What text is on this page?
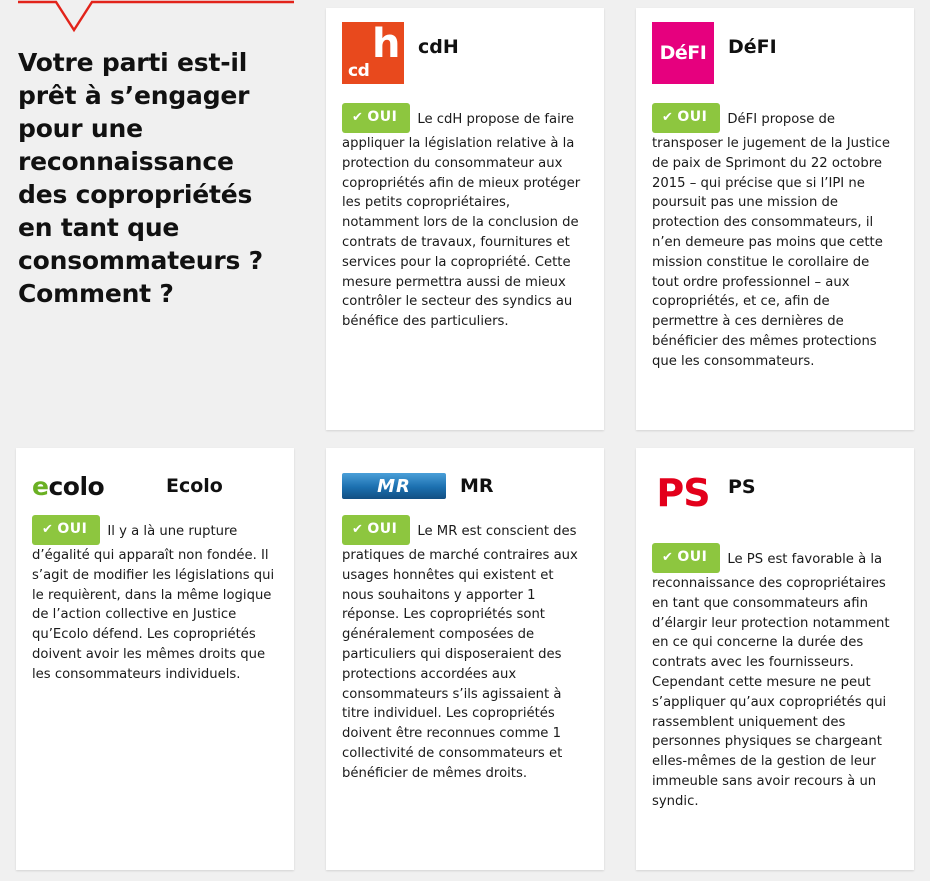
Votre parti est-il prêt à s’engager pour une reconnaissance des copropriétés en tant que consommateurs ? Comment ?
h
cd
cdH
✔ OUI Le cdH propose de faire appliquer la législation relative à la protection du consommateur aux copropriétés afin de mieux protéger les petits copropriétaires, notamment lors de la conclusion de contrats de travaux, fournitures et services pour la copropriété. Cette mesure permettra aussi de mieux contrôler le secteur des syndics au bénéfice des particuliers.
DéFI DéFI
✔ OUI DéFI propose de transposer le jugement de la Justice de paix de Sprimont du 22 octobre 2015 – qui précise que si l’IPI ne poursuit pas une mission de protection des consommateurs, il n’en demeure pas moins que cette mission constitue le corollaire de tout ordre professionnel – aux copropriétés, et ce, afin de permettre à ces dernières de bénéficier des mêmes protections que les consommateurs.
ecolo	Ecolo
✔ OUI Il y a là une rupture d’égalité qui apparaît non fondée. Il s’agit de modifier les législations qui le requièrent, dans la même logique de l’action collective en Justice qu’Ecolo défend. Les copropriétés doivent avoir les mêmes droits que les consommateurs individuels.
MR	MR
✔ OUI Le MR est conscient des pratiques de marché contraires aux usages honnêtes qui existent et nous souhaitons y apporter 1 réponse. Les copropriétés sont généralement composées de particuliers qui disposeraient des protections accordées aux consommateurs s’ils agissaient à titre individuel. Les copropriétés doivent être reconnues comme 1 collectivité de consommateurs et bénéficier de mêmes droits.
PS PS
✔ OUI Le PS est favorable à la reconnaissance des copropriétaires en tant que consommateurs afin d’élargir leur protection notamment en ce qui concerne la durée des contrats avec les fournisseurs. Cependant cette mesure ne peut s’appliquer qu’aux copropriétés qui rassemblent uniquement des personnes physiques se chargeant elles-mêmes de la gestion de leur immeuble sans avoir recours à un syndic.
